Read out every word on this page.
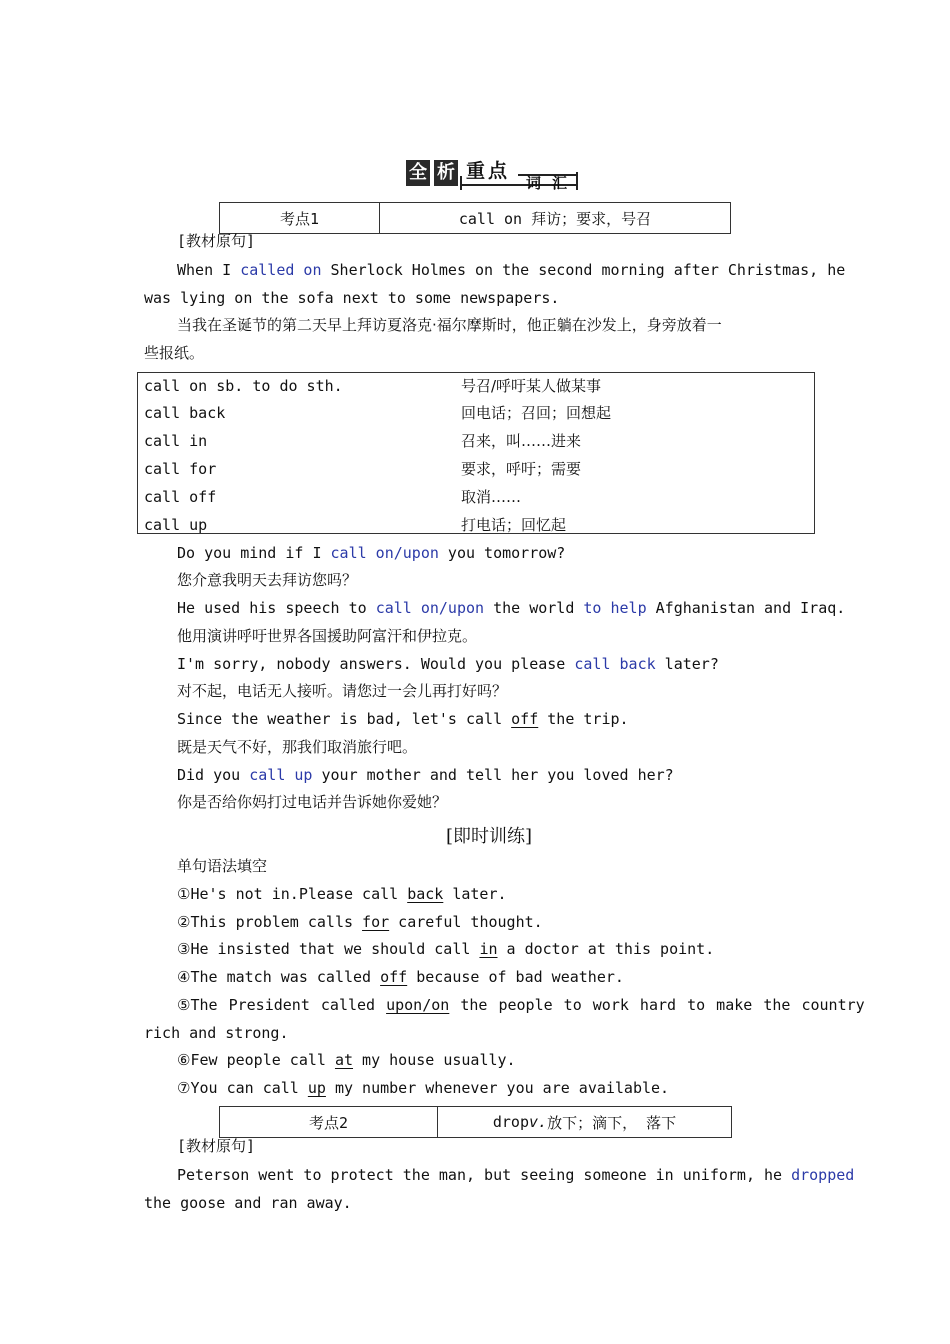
全 析 重 点
词 汇
考点1	call on 拜访；要求，号召
[教材原句]
When I called on Sherlock Holmes on the second morning after Christmas, he
was lying on the sofa next to some newspapers.
当我在圣诞节的第二天早上拜访夏洛克·福尔摩斯时，他正躺在沙发上，身旁放着一
些报纸。
call on sb. to do sth.	号召/呼吁某人做某事
call back	回电话；召回；回想起
call in	召来，叫……进来
call for	要求，呼吁；需要
call off	取消……
call up	打电话；回忆起
Do you mind if I call on/upon you tomorrow?
您介意我明天去拜访您吗？
He used his speech to call on/upon the world to help Afghanistan and Iraq.
他用演讲呼吁世界各国援助阿富汗和伊拉克。
I'm sorry, nobody answers. Would you please call back later?
对不起，电话无人接听。请您过一会儿再打好吗？
Since the weather is bad, let's call off the trip.
既是天气不好，那我们取消旅行吧。
Did you call up your mother and tell her you loved her?
你是否给你妈打过电话并告诉她你爱她？
[即时训练]
单句语法填空
①He's not in.Please call back later.
②This problem calls for careful thought.
③He insisted that we should call in a doctor at this point.
④The match was called off because of bad weather.
⑤The President called upon/on the people to work hard to make the country
rich and strong.
⑥Few people call at my house usually.
⑦You can call up my number whenever you are available.
考点2	drop v. 放下；滴下， 落下
[教材原句]
Peterson went to protect the man, but seeing someone in uniform, he dropped
the goose and ran away.
